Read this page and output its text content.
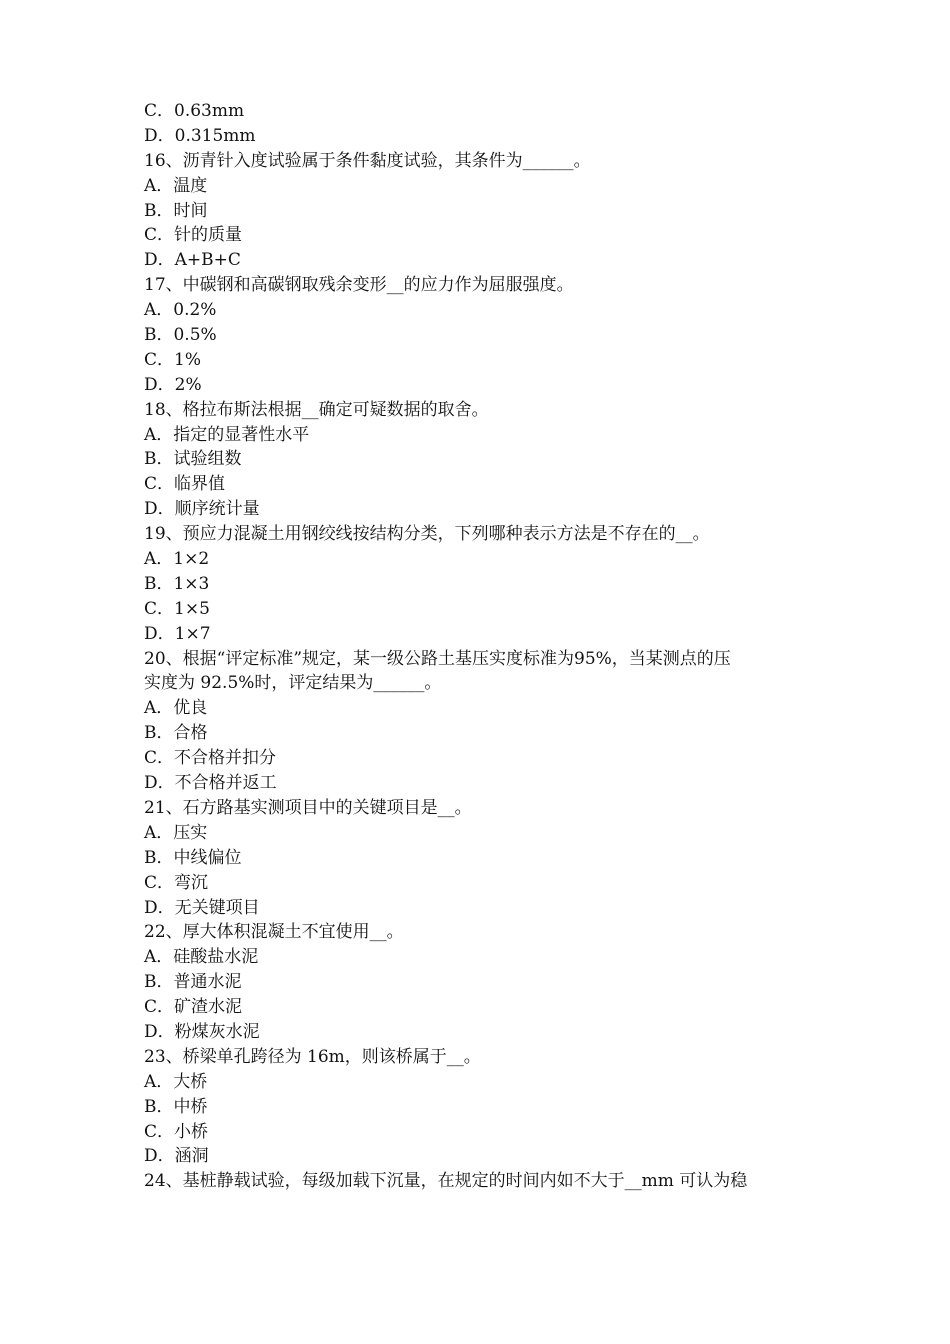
C．0.63mm
D．0.315mm
16、沥青针入度试验属于条件黏度试验，其条件为______。
A．温度
B．时间
C．针的质量
D．A+B+C
17、中碳钢和高碳钢取残余变形__的应力作为屈服强度。
A．0.2%
B．0.5%
C．1%
D．2%
18、格拉布斯法根据__确定可疑数据的取舍。
A．指定的显著性水平
B．试验组数
C．临界值
D．顺序统计量
19、预应力混凝土用钢绞线按结构分类，下列哪种表示方法是不存在的__。
A．1×2
B．1×3
C．1×5
D．1×7
20、根据“评定标准”规定，某一级公路土基压实度标准为95%，当某测点的压
实度为 92.5%时，评定结果为______。
A．优良
B．合格
C．不合格并扣分
D．不合格并返工
21、石方路基实测项目中的关键项目是__。
A．压实
B．中线偏位
C．弯沉
D．无关键项目
22、厚大体积混凝土不宜使用__。
A．硅酸盐水泥
B．普通水泥
C．矿渣水泥
D．粉煤灰水泥
23、桥梁单孔跨径为 16m，则该桥属于__。
A．大桥
B．中桥
C．小桥
D．涵洞
24、基桩静载试验，每级加载下沉量，在规定的时间内如不大于__mm 可认为稳
